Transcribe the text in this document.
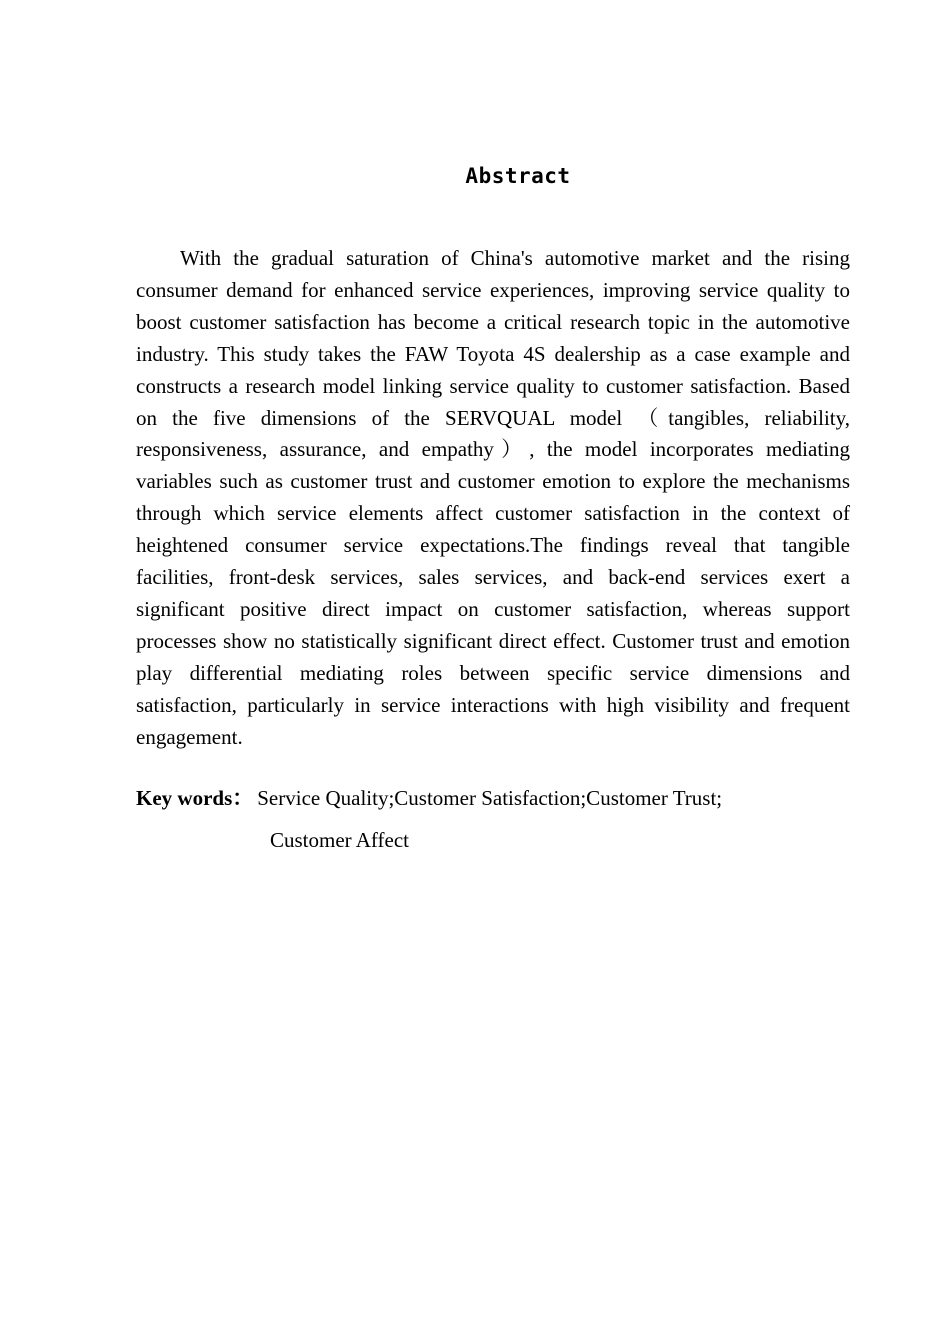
Abstract

With the gradual saturation of China's automotive market and the rising consumer demand for enhanced service experiences, improving service quality to boost customer satisfaction has become a critical research topic in the automotive industry. This study takes the FAW Toyota 4S dealership as a case example and constructs a research model linking service quality to customer satisfaction. Based on the five dimensions of the SERVQUAL model （tangibles, reliability, responsiveness, assurance, and empathy）, the model incorporates mediating variables such as customer trust and customer emotion to explore the mechanisms through which service elements affect customer satisfaction in the context of heightened consumer service expectations.The findings reveal that tangible facilities, front-desk services, sales services, and back-end services exert a significant positive direct impact on customer satisfaction, whereas support processes show no statistically significant direct effect. Customer trust and emotion play differential mediating roles between specific service dimensions and satisfaction, particularly in service interactions with high visibility and frequent engagement.

Key words ： Service Quality;Customer Satisfaction;Customer Trust;
Customer Affect
